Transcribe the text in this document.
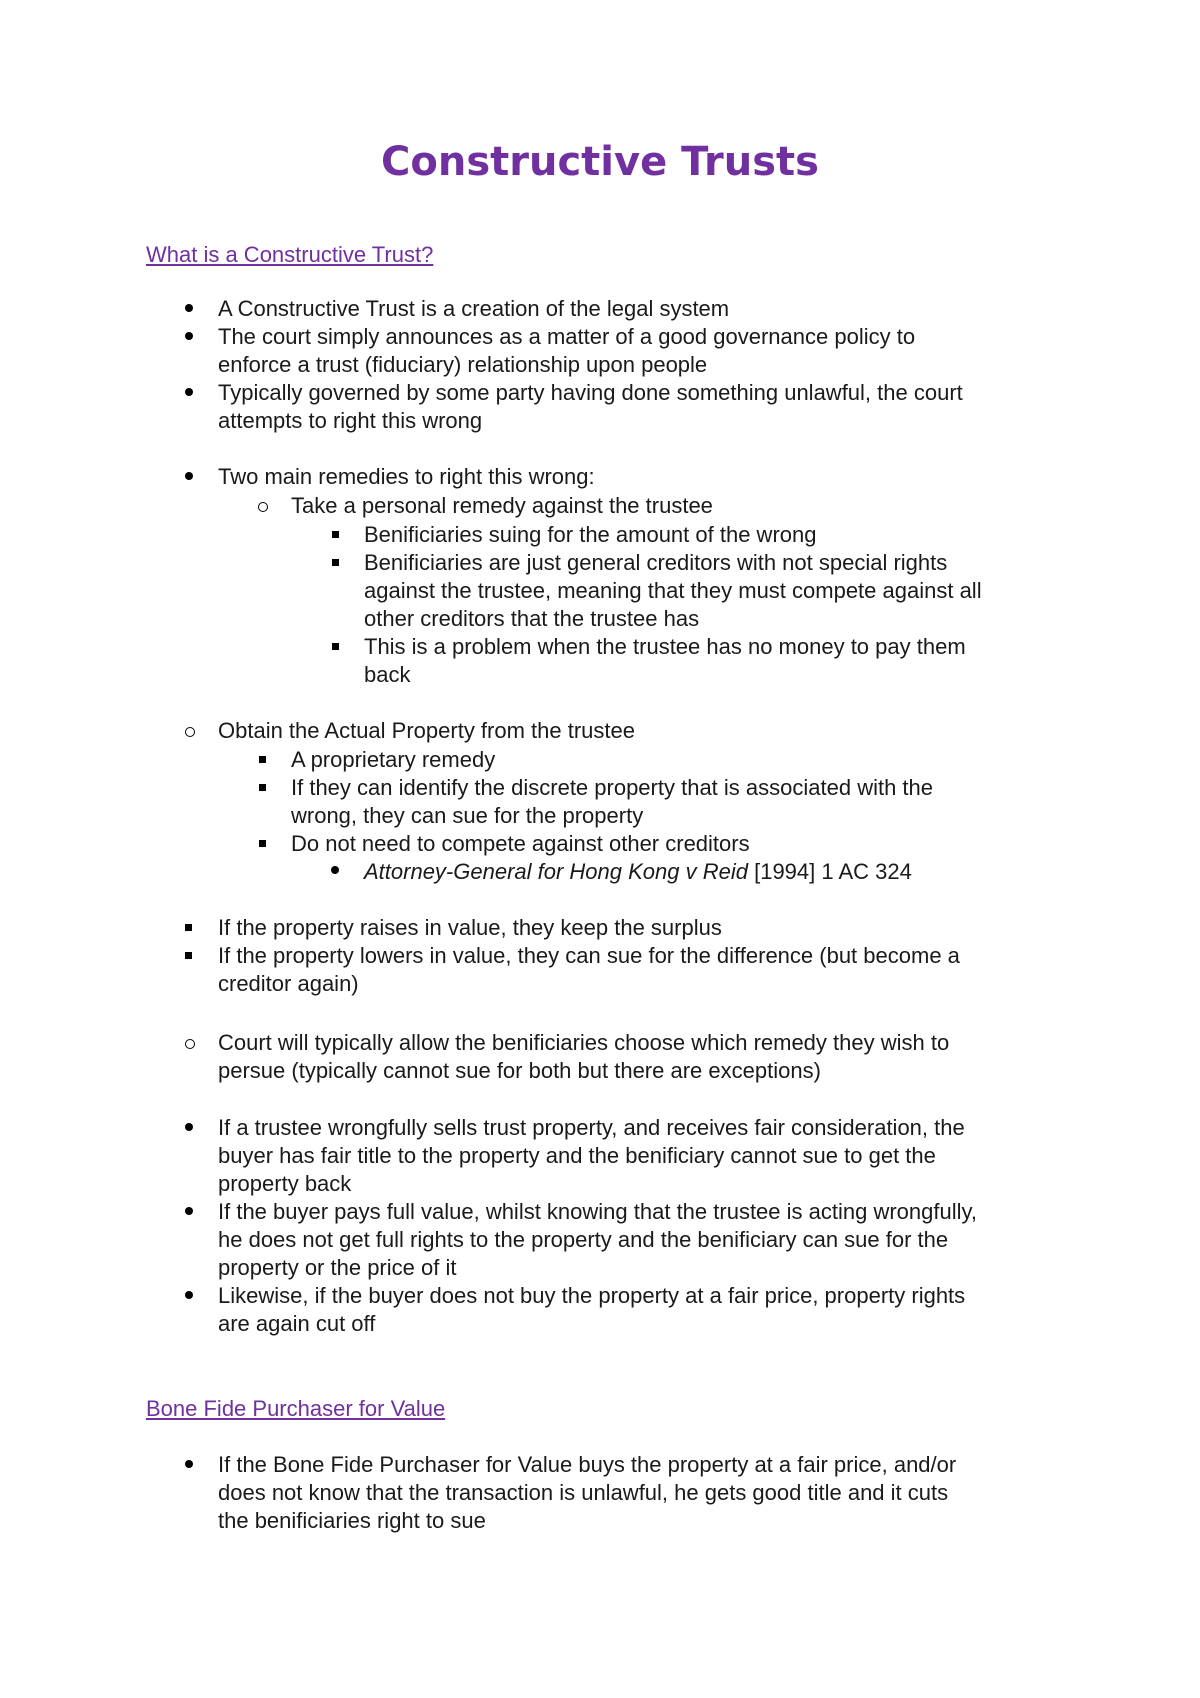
Constructive Trusts
What is a Constructive Trust?
A Constructive Trust is a creation of the legal system
The court simply announces as a matter of a good governance policy to
enforce a trust (fiduciary) relationship upon people
Typically governed by some party having done something unlawful, the court
attempts to right this wrong
Two main remedies to right this wrong:
Take a personal remedy against the trustee
Benificiaries suing for the amount of the wrong
Benificiaries are just general creditors with not special rights
against the trustee, meaning that they must compete against all
other creditors that the trustee has
This is a problem when the trustee has no money to pay them
back
Obtain the Actual Property from the trustee
A proprietary remedy
If they can identify the discrete property that is associated with the
wrong, they can sue for the property
Do not need to compete against other creditors
Attorney-General for Hong Kong v Reid [1994] 1 AC 324
If the property raises in value, they keep the surplus
If the property lowers in value, they can sue for the difference (but become a
creditor again)
Court will typically allow the benificiaries choose which remedy they wish to
persue (typically cannot sue for both but there are exceptions)
If a trustee wrongfully sells trust property, and receives fair consideration, the
buyer has fair title to the property and the benificiary cannot sue to get the
property back
If the buyer pays full value, whilst knowing that the trustee is acting wrongfully,
he does not get full rights to the property and the benificiary can sue for the
property or the price of it
Likewise, if the buyer does not buy the property at a fair price, property rights
are again cut off
Bone Fide Purchaser for Value
If the Bone Fide Purchaser for Value buys the property at a fair price, and/or
does not know that the transaction is unlawful, he gets good title and it cuts
the benificiaries right to sue
